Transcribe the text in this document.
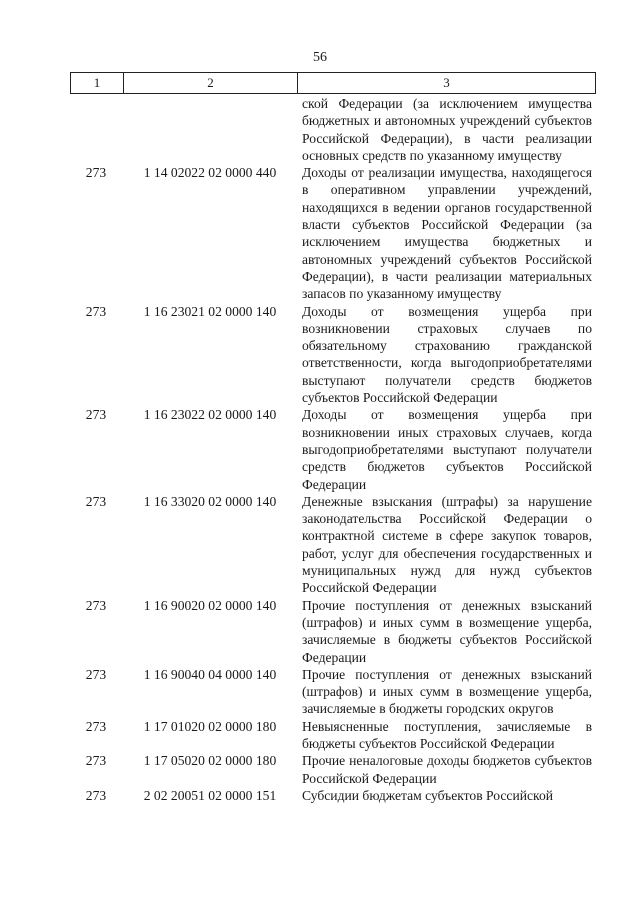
56
1	2	3
ской Федерации (за исключением имущества бюджетных и автономных учреждений субъектов Российской Федерации), в части реализации основных средств по указанному имуществу
273	1 14 02022 02 0000 440	Доходы от реализации имущества, находящегося в оперативном управлении учреждений, находящихся в ведении органов государственной власти субъектов Российской Федерации (за исключением имущества бюджетных и автономных учреждений субъектов Российской Федерации), в части реализации материальных запасов по указанному имуществу
273	1 16 23021 02 0000 140	Доходы от возмещения ущерба при возникновении страховых случаев по обязательному страхованию гражданской ответственности, когда выгодоприобретателями выступают получатели средств бюджетов субъектов Российской Федерации
273	1 16 23022 02 0000 140	Доходы от возмещения ущерба при возникновении иных страховых случаев, когда выгодоприобретателями выступают получатели средств бюджетов субъектов Российской Федерации
273	1 16 33020 02 0000 140	Денежные взыскания (штрафы) за нарушение законодательства Российской Федерации о контрактной системе в сфере закупок товаров, работ, услуг для обеспечения государственных и муниципальных нужд для нужд субъектов Российской Федерации
273	1 16 90020 02 0000 140	Прочие поступления от денежных взысканий (штрафов) и иных сумм в возмещение ущерба, зачисляемые в бюджеты субъектов Российской Федерации
273	1 16 90040 04 0000 140	Прочие поступления от денежных взысканий (штрафов) и иных сумм в возмещение ущерба, зачисляемые в бюджеты городских округов
273	1 17 01020 02 0000 180	Невыясненные поступления, зачисляемые в бюджеты субъектов Российской Федерации
273	1 17 05020 02 0000 180	Прочие неналоговые доходы бюджетов субъектов Российской Федерации
273	2 02 20051 02 0000 151	Субсидии бюджетам субъектов Российской
